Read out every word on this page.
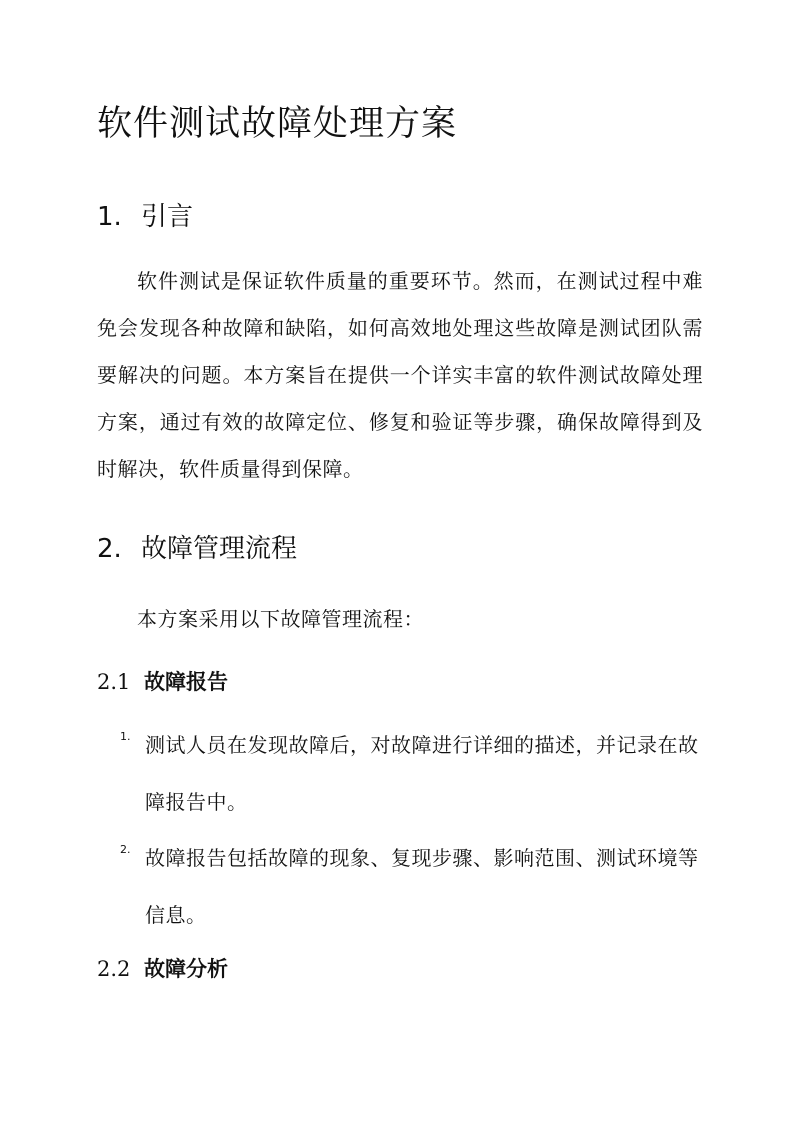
软件测试故障处理方案
1. 引言

软件测试是保证软件质量的重要环节。然而，在测试过程中难免会发现各种故障和缺陷，如何高效地处理这些故障是测试团队需要解决的问题。本方案旨在提供一个详实丰富的软件测试故障处理方案，通过有效的故障定位、修复和验证等步骤，确保故障得到及时解决，软件质量得到保障。

2. 故障管理流程

本方案采用以下故障管理流程：

2.1 故障报告
1. 测试人员在发现故障后，对故障进行详细的描述，并记录在故障报告中。

2. 故障报告包括故障的现象、复现步骤、影响范围、测试环境等信息。

2.2 故障分析
